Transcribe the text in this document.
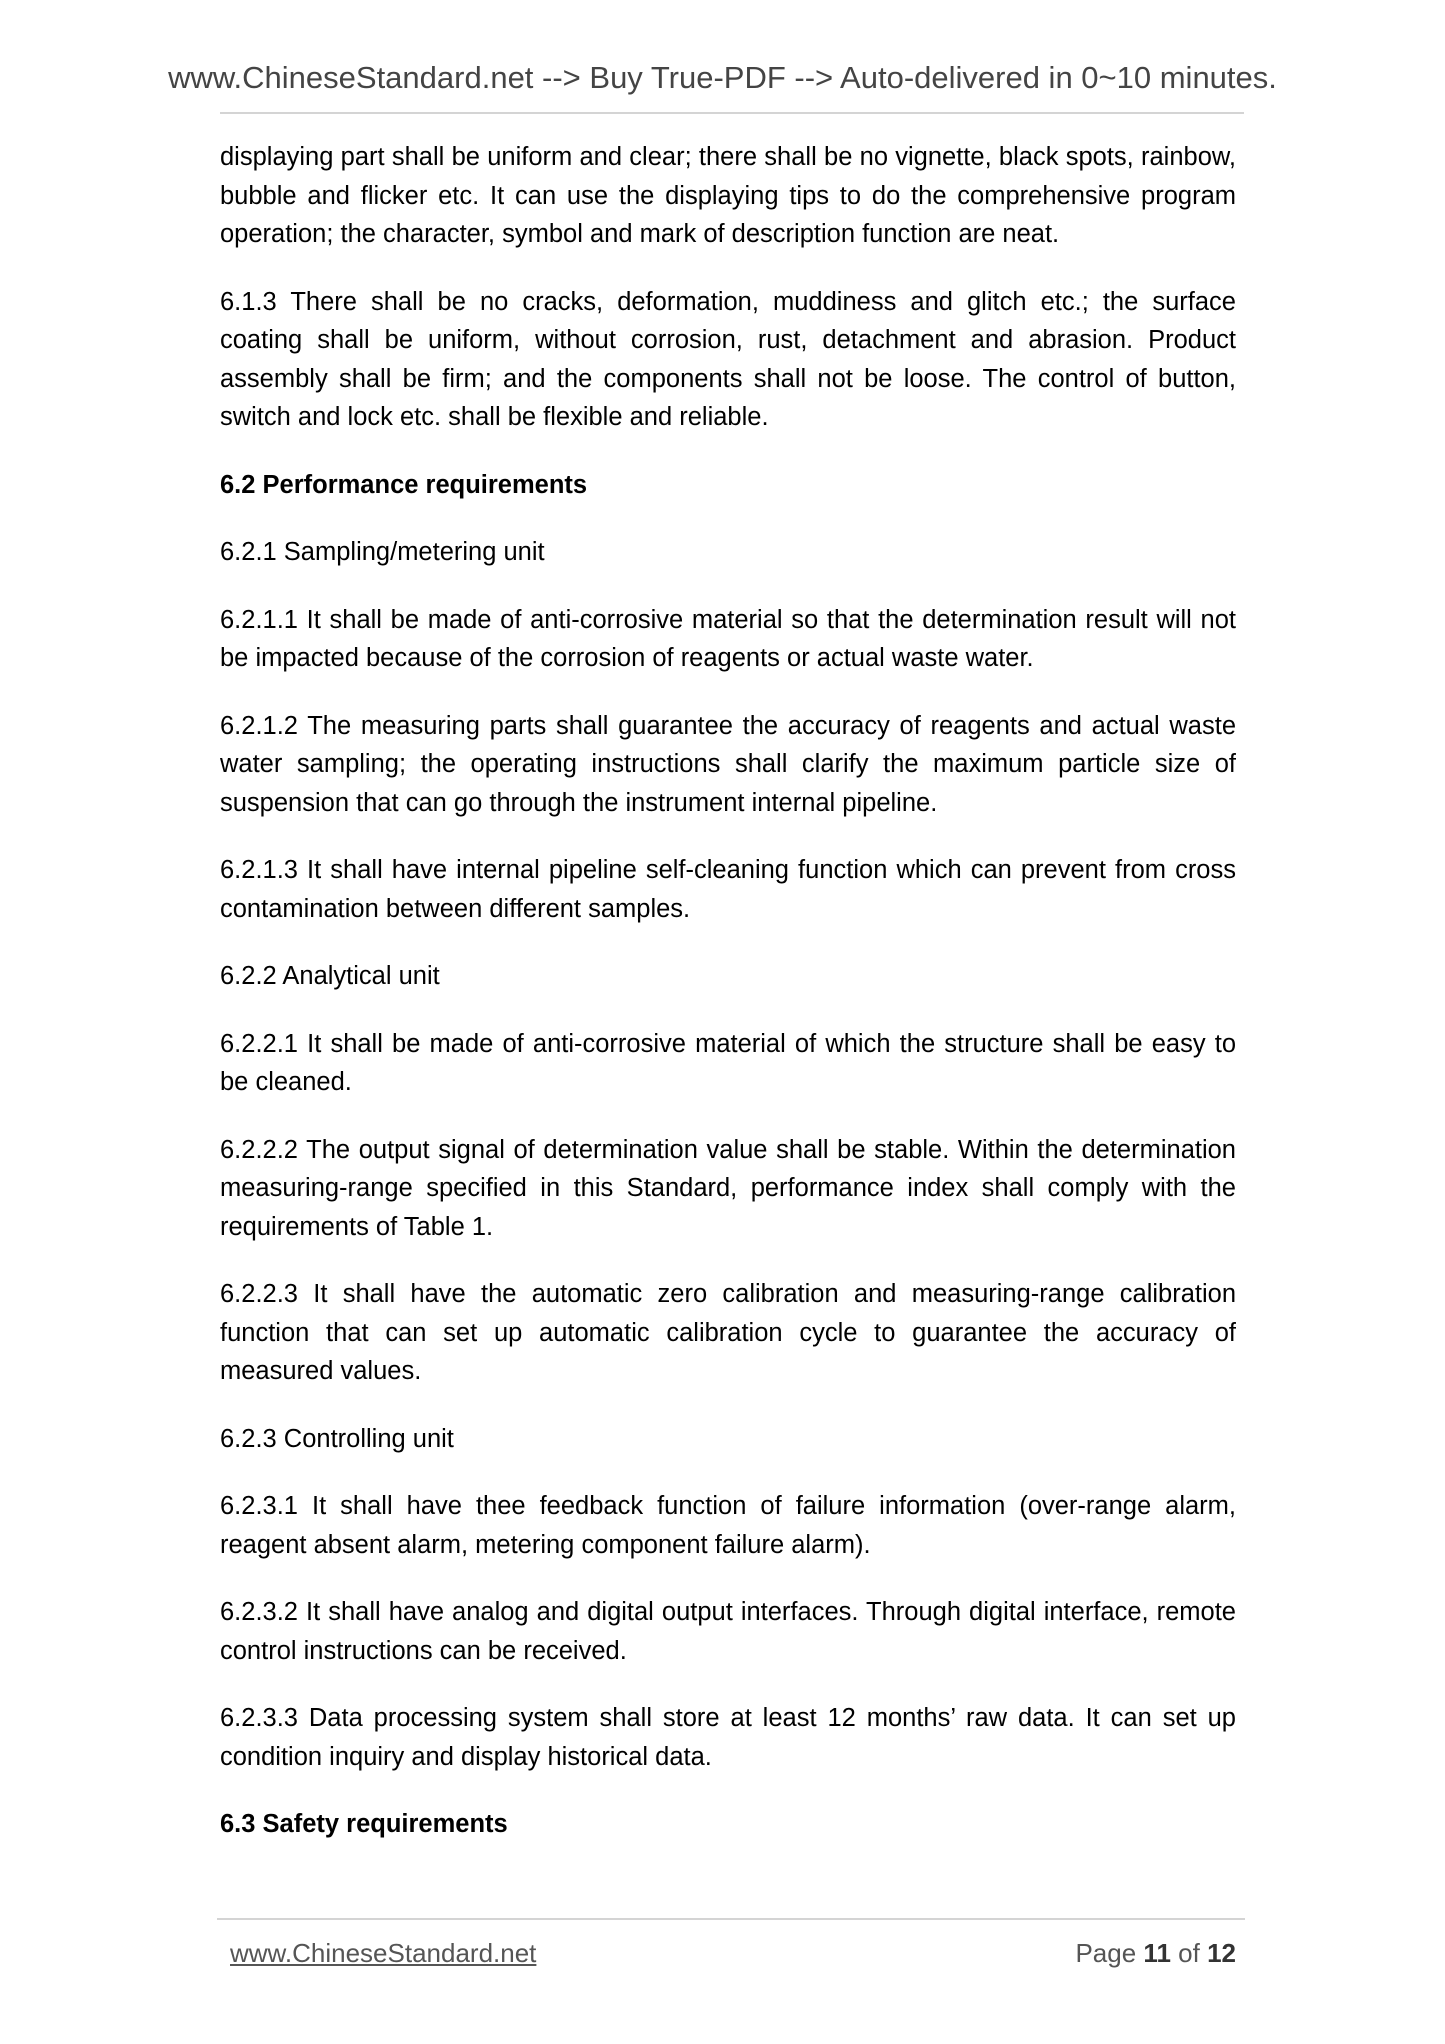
www.ChineseStandard.net --> Buy True-PDF --> Auto-delivered in 0~10 minutes.

displaying part shall be uniform and clear; there shall be no vignette, black spots, rainbow, bubble and flicker etc. It can use the displaying tips to do the comprehensive program operation; the character, symbol and mark of description function are neat.

6.1.3 There shall be no cracks, deformation, muddiness and glitch etc.; the surface coating shall be uniform, without corrosion, rust, detachment and abrasion. Product assembly shall be firm; and the components shall not be loose. The control of button, switch and lock etc. shall be flexible and reliable.

6.2 Performance requirements

6.2.1 Sampling/metering unit

6.2.1.1 It shall be made of anti-corrosive material so that the determination result will not be impacted because of the corrosion of reagents or actual waste water.

6.2.1.2 The measuring parts shall guarantee the accuracy of reagents and actual waste water sampling; the operating instructions shall clarify the maximum particle size of suspension that can go through the instrument internal pipeline.

6.2.1.3 It shall have internal pipeline self-cleaning function which can prevent from cross contamination between different samples.

6.2.2 Analytical unit

6.2.2.1 It shall be made of anti-corrosive material of which the structure shall be easy to be cleaned.

6.2.2.2 The output signal of determination value shall be stable. Within the determination measuring-range specified in this Standard, performance index shall comply with the requirements of Table 1.

6.2.2.3 It shall have the automatic zero calibration and measuring-range calibration function that can set up automatic calibration cycle to guarantee the accuracy of measured values.

6.2.3 Controlling unit

6.2.3.1 It shall have thee feedback function of failure information (over-range alarm, reagent absent alarm, metering component failure alarm).

6.2.3.2 It shall have analog and digital output interfaces. Through digital interface, remote control instructions can be received.

6.2.3.3 Data processing system shall store at least 12 months’ raw data. It can set up condition inquiry and display historical data.

6.3 Safety requirements

www.ChineseStandard.net	Page 11 of 12
